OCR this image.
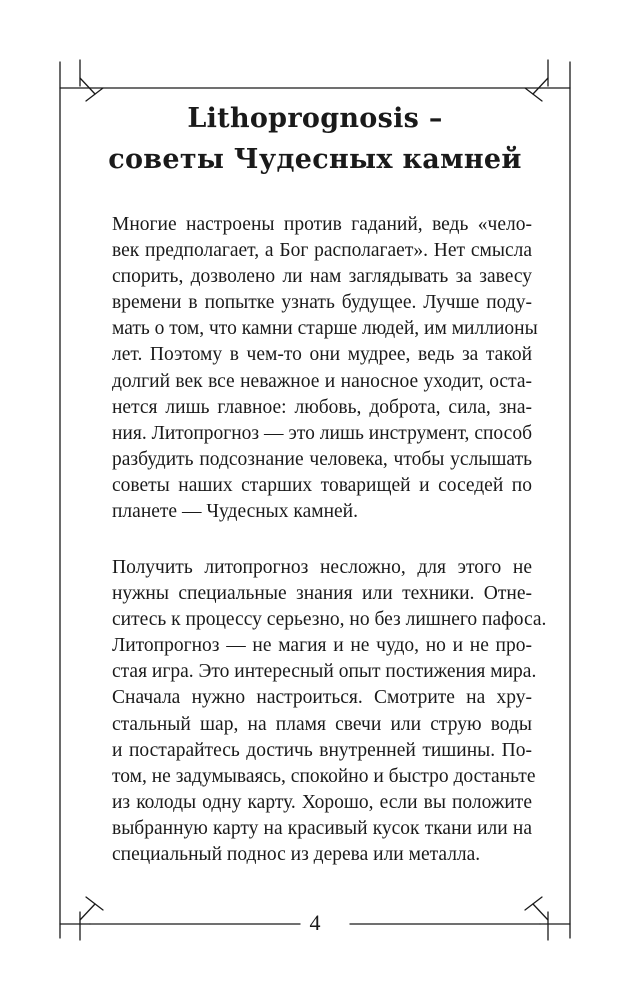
Lithoprognosis –
советы Чудесных камней
Многие настроены против гаданий, ведь «чело-
век предполагает, а Бог располагает». Нет смысла
спорить, дозволено ли нам заглядывать за завесу
времени в попытке узнать будущее. Лучше поду-
мать о том, что камни старше людей, им миллионы
лет. Поэтому в чем-то они мудрее, ведь за такой
долгий век все неважное и наносное уходит, оста-
нется лишь главное: любовь, доброта, сила, зна-
ния. Литопрогноз — это лишь инструмент, способ
разбудить подсознание человека, чтобы услышать
советы наших старших товарищей и соседей по
планете — Чудесных камней.
Получить литопрогноз несложно, для этого не
нужны специальные знания или техники. Отне-
ситесь к процессу серьезно, но без лишнего пафоса.
Литопрогноз — не магия и не чудо, но и не про-
стая игра. Это интересный опыт постижения мира.
Сначала нужно настроиться. Смотрите на хру-
стальный шар, на пламя свечи или струю воды
и постарайтесь достичь внутренней тишины. По-
том, не задумываясь, спокойно и быстро достаньте
из колоды одну карту. Хорошо, если вы положите
выбранную карту на красивый кусок ткани или на
специальный поднос из дерева или металла.
4
